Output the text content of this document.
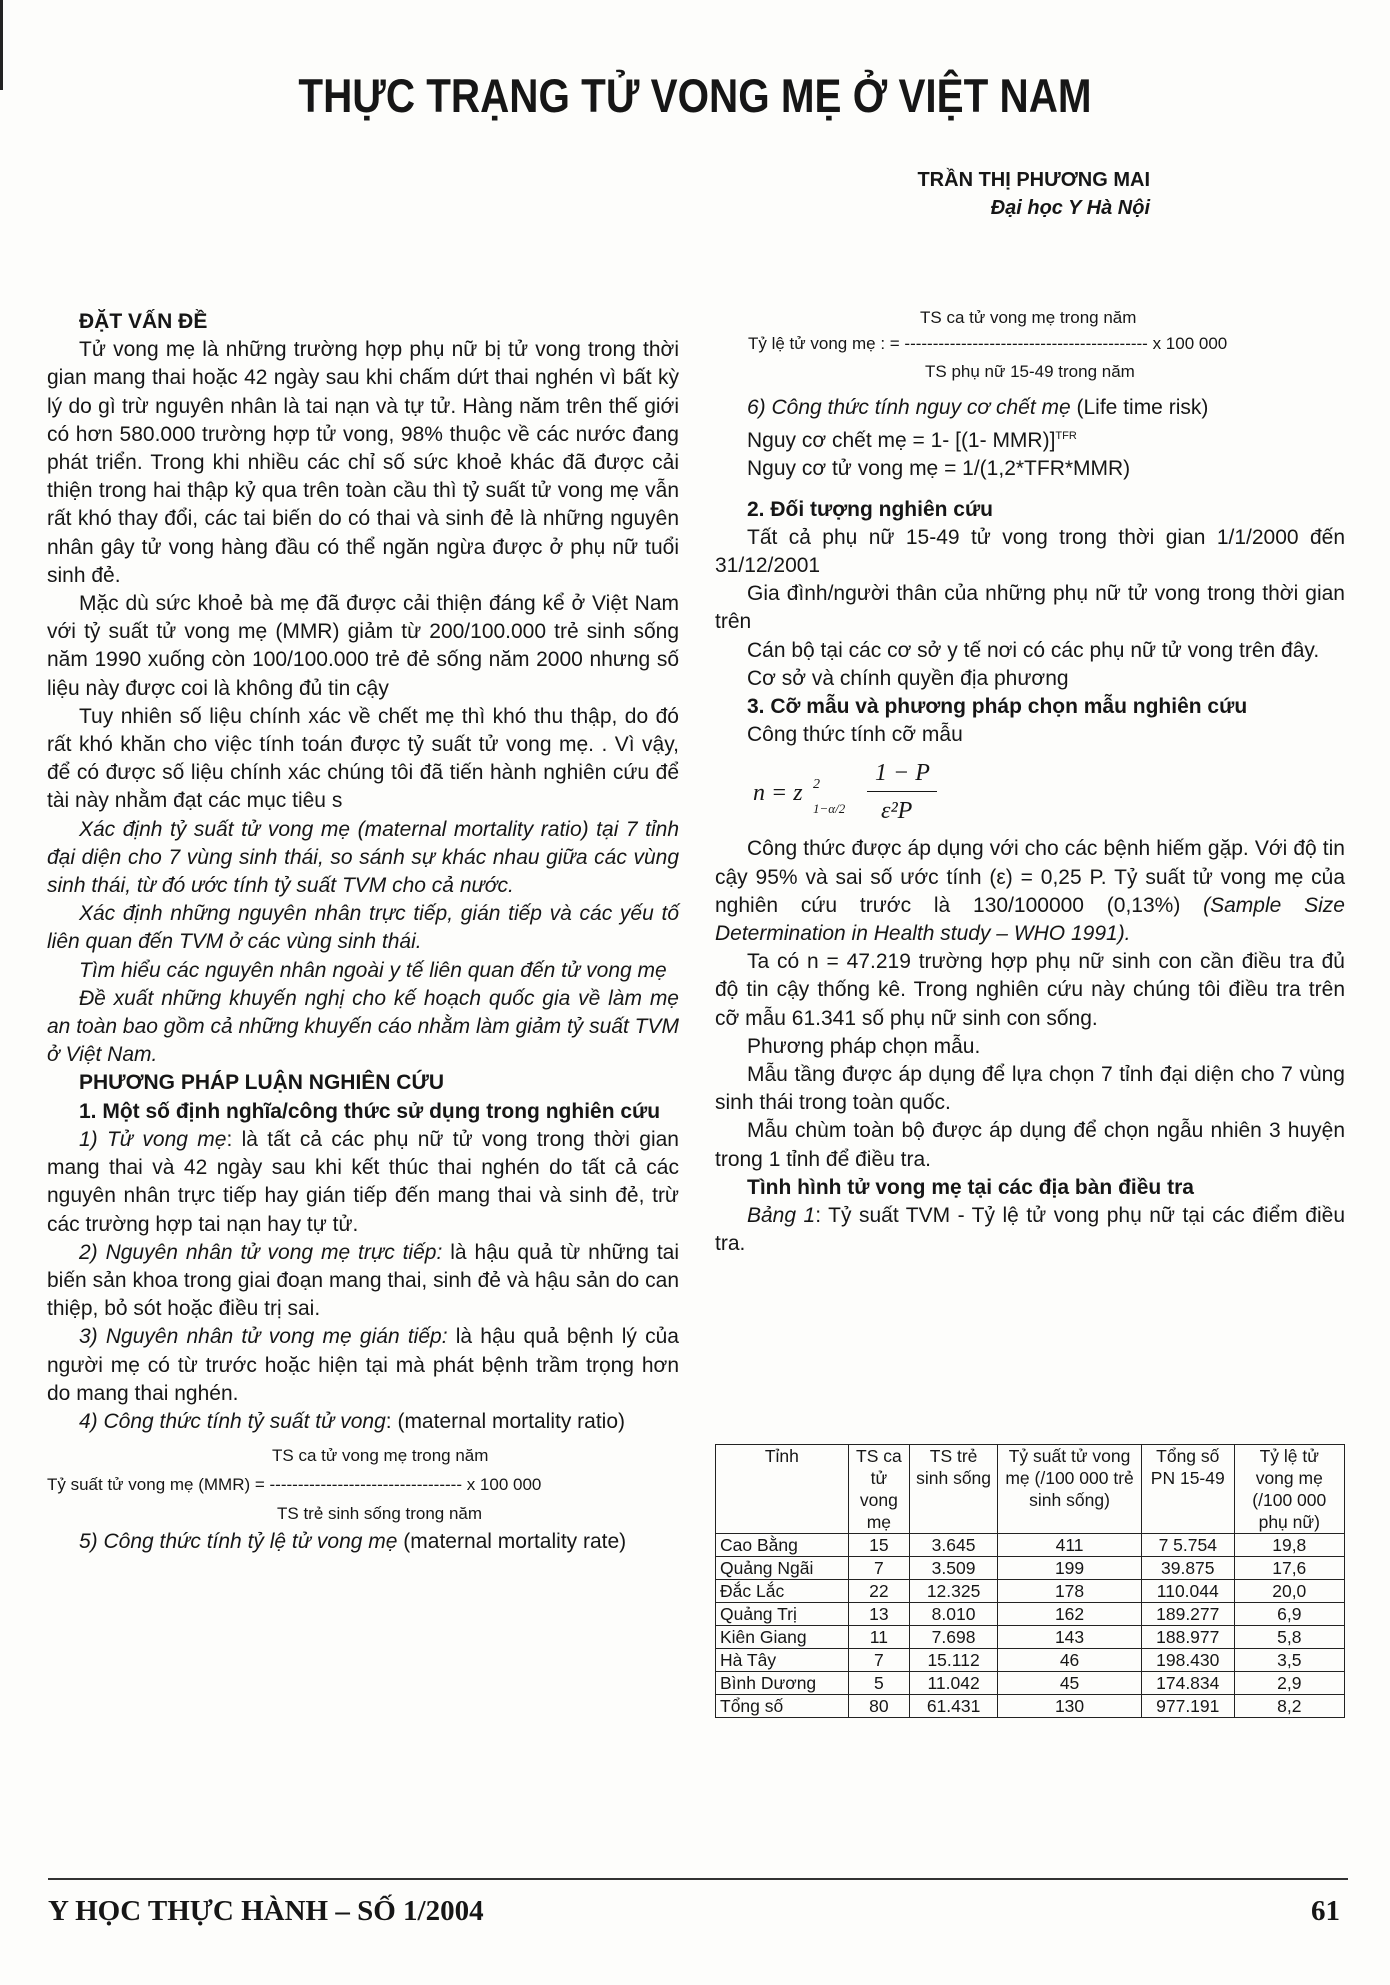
THỰC TRẠNG TỬ VONG MẸ Ở VIỆT NAM
TRẦN THỊ PHƯƠNG MAI
Đại học Y Hà Nội

ĐẶT VẤN ĐỀ

Tử vong mẹ là những trường hợp phụ nữ bị tử vong trong thời gian mang thai hoặc 42 ngày sau khi chấm dứt thai nghén vì bất kỳ lý do gì trừ nguyên nhân là tai nạn và tự tử. Hàng năm trên thế giới có hơn 580.000 trường hợp tử vong, 98% thuộc về các nước đang phát triển. Trong khi nhiều các chỉ số sức khoẻ khác đã được cải thiện trong hai thập kỷ qua trên toàn cầu thì tỷ suất tử vong mẹ vẫn rất khó thay đổi, các tai biến do có thai và sinh đẻ là những nguyên nhân gây tử vong hàng đầu có thể ngăn ngừa được ở phụ nữ tuổi sinh đẻ.

Mặc dù sức khoẻ bà mẹ đã được cải thiện đáng kể ở Việt Nam với tỷ suất tử vong mẹ (MMR) giảm từ 200/100.000 trẻ sinh sống năm 1990 xuống còn 100/100.000 trẻ đẻ sống năm 2000 nhưng số liệu này được coi là không đủ tin cậy

Tuy nhiên số liệu chính xác về chết mẹ thì khó thu thập, do đó rất khó khăn cho việc tính toán được tỷ suất tử vong mẹ. . Vì vậy, để có được số liệu chính xác chúng tôi đã tiến hành nghiên cứu để tài này nhằm đạt các mục tiêu s

Xác định tỷ suất tử vong mẹ (maternal mortality ratio) tại 7 tỉnh đại diện cho 7 vùng sinh thái, so sánh sự khác nhau giữa các vùng sinh thái, từ đó ước tính tỷ suất TVM cho cả nước.

Xác định những nguyên nhân trực tiếp, gián tiếp và các yếu tố liên quan đến TVM ở các vùng sinh thái.

Tìm hiểu các nguyên nhân ngoài y tế liên quan đến tử vong mẹ

Đề xuất những khuyến nghị cho kế hoạch quốc gia về làm mẹ an toàn bao gồm cả những khuyến cáo nhằm làm giảm tỷ suất TVM ở Việt Nam.

PHƯƠNG PHÁP LUẬN NGHIÊN CỨU

1. Một số định nghĩa/công thức sử dụng trong nghiên cứu

1) Tử vong mẹ: là tất cả các phụ nữ tử vong trong thời gian mang thai và 42 ngày sau khi kết thúc thai nghén do tất cả các nguyên nhân trực tiếp hay gián tiếp đến mang thai và sinh đẻ, trừ các trường hợp tai nạn hay tự tử.

2) Nguyên nhân tử vong mẹ trực tiếp: là hậu quả từ những tai biến sản khoa trong giai đoạn mang thai, sinh đẻ và hậu sản do can thiệp, bỏ sót hoặc điều trị sai.

3) Nguyên nhân tử vong mẹ gián tiếp: là hậu quả bệnh lý của người mẹ có từ trước hoặc hiện tại mà phát bệnh trầm trọng hơn do mang thai nghén.

4) Công thức tính tỷ suất tử vong: (maternal mortality ratio)

TS ca tử vong mẹ trong năm
Tỷ suất tử vong mẹ (MMR) = ---------------------------------- x 100 000
TS trẻ sinh sống trong năm

5) Công thức tính tỷ lệ tử vong mẹ (maternal mortality rate)

TS ca tử vong mẹ trong năm
Tỷ lệ tử vong mẹ : = ------------------------------------------- x 100 000
TS phụ nữ 15-49 trong năm

6) Công thức tính nguy cơ chết mẹ (Life time risk)

Nguy cơ chết mẹ = 1- [(1- MMR)]$^{TFR}$

Nguy cơ tử vong mẹ = 1/(1,2*TFR*MMR)

2. Đối tượng nghiên cứu

Tất cả phụ nữ 15-49 tử vong trong thời gian 1/1/2000 đến 31/12/2001

Gia đình/người thân của những phụ nữ tử vong trong thời gian trên

Cán bộ tại các cơ sở y tế nơi có các phụ nữ tử vong trên đây.

Cơ sở và chính quyền địa phương

3. Cỡ mẫu và phương pháp chọn mẫu nghiên cứu

Công thức tính cỡ mẫu

n = z 2
1−α/2
1 − P
ε²P

Công thức được áp dụng với cho các bệnh hiếm gặp. Với độ tin cậy 95% và sai số ước tính (ε) = 0,25 P. Tỷ suất tử vong mẹ của nghiên cứu trước là 130/100000 (0,13%) (Sample Size Determination in Health study – WHO 1991).

Ta có n = 47.219 trường hợp phụ nữ sinh con cần điều tra đủ độ tin cậy thống kê. Trong nghiên cứu này chúng tôi điều tra trên cỡ mẫu 61.341 số phụ nữ sinh con sống.

Phương pháp chọn mẫu.

Mẫu tầng được áp dụng để lựa chọn 7 tỉnh đại diện cho 7 vùng sinh thái trong toàn quốc.

Mẫu chùm toàn bộ được áp dụng để chọn ngẫu nhiên 3 huyện trong 1 tỉnh để điều tra.

Tình hình tử vong mẹ tại các địa bàn điều tra

Bảng 1: Tỷ suất TVM - Tỷ lệ tử vong phụ nữ tại các điểm điều tra.

Tỉnh	TS ca tử vong mẹ	TS trẻ sinh sống	Tỷ suất tử vong mẹ (/100 000 trẻ sinh sống)	Tổng số PN 15-49	Tỷ lệ tử vong mẹ (/100 000 phụ nữ)
Cao Bằng	15	3.645	411	7 5.754	19,8
Quảng Ngãi	7	3.509	199	39.875	17,6
Đắc Lắc	22	12.325	178	110.044	20,0
Quảng Trị	13	8.010	162	189.277	6,9
Kiên Giang	11	7.698	143	188.977	5,8
Hà Tây	7	15.112	46	198.430	3,5
Bình Dương	5	11.042	45	174.834	2,9
Tổng số	80	61.431	130	977.191	8,2
Y HỌC THỰC HÀNH – SỐ 1/2004	61
